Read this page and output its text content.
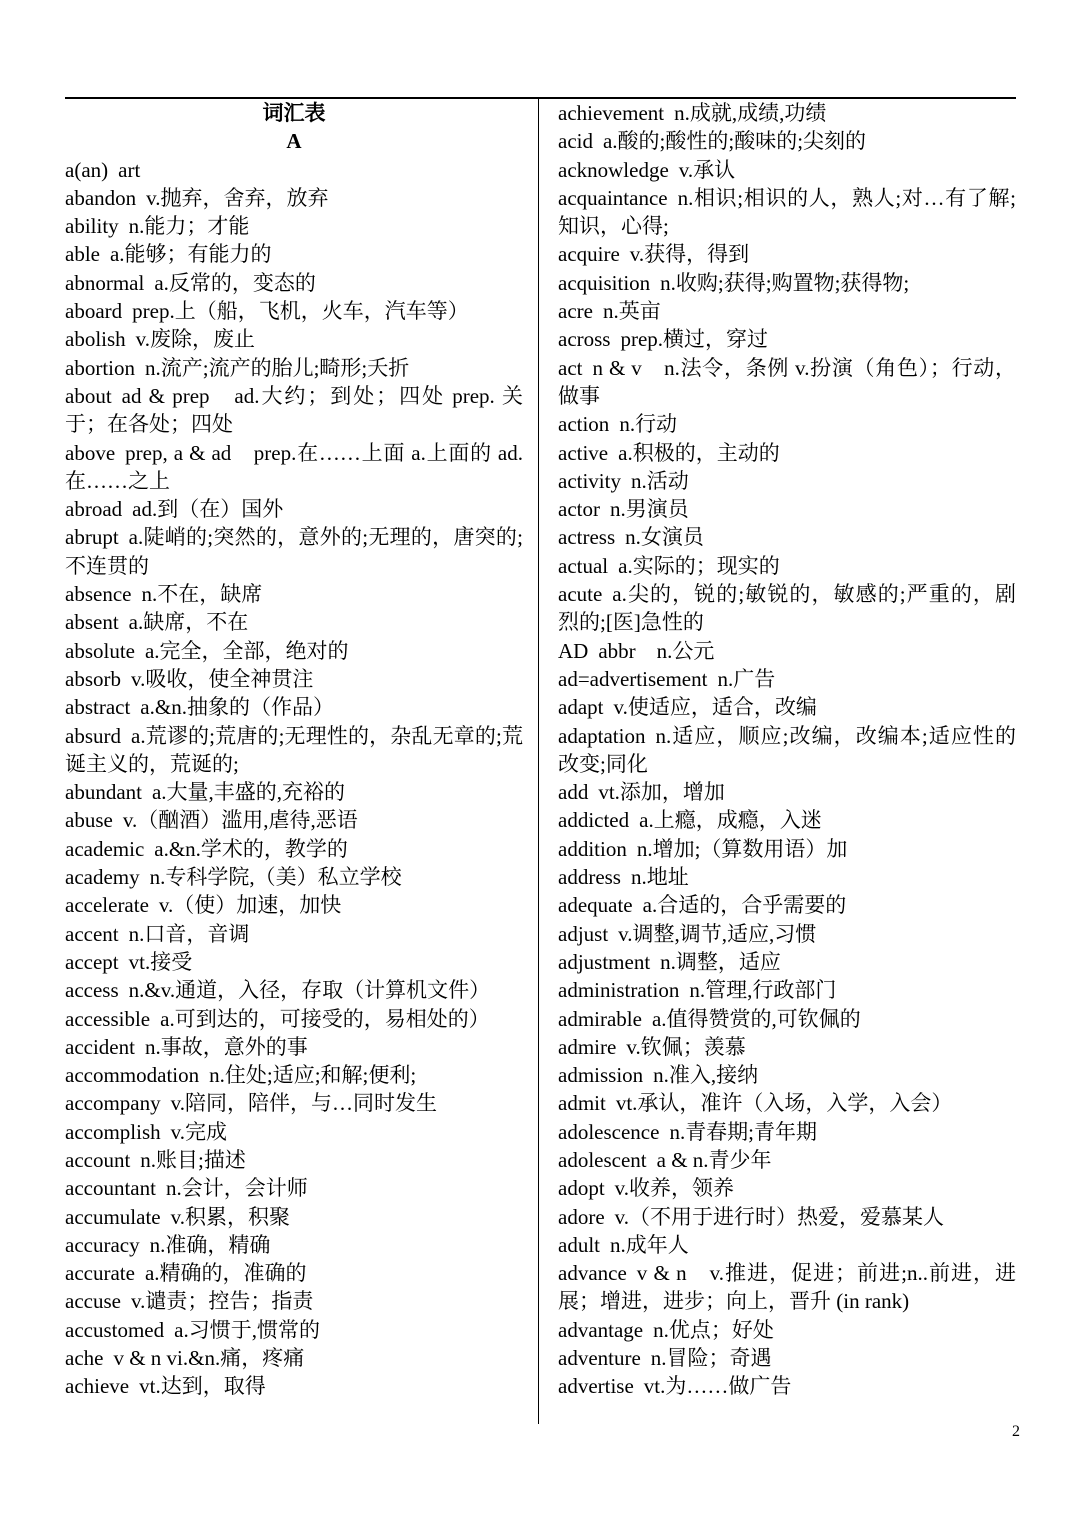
词汇表
A
a(an) art
abandon v.抛弃，舍弃，放弃
ability n.能力；才能
able a.能够；有能力的
abnormal a.反常的，变态的
aboard prep.上（船，飞机，火车，汽车等）
abolish v.废除，废止
abortion n.流产;流产的胎儿;畸形;夭折
about ad & prep　ad.大约；到处；四处 prep. 关于；在各处；四处
above prep, a & ad　prep.在……上面 a.上面的 ad. 在……之上
abroad ad.到（在）国外
abrupt a.陡峭的;突然的，意外的;无理的，唐突的;不连贯的
absence n.不在，缺席
absent a.缺席，不在
absolute a.完全，全部，绝对的
absorb v.吸收，使全神贯注
abstract a.&n.抽象的（作品）
absurd a.荒谬的;荒唐的;无理性的，杂乱无章的;荒诞主义的，荒诞的;
abundant a.大量,丰盛的,充裕的
abuse v.（酗酒）滥用,虐待,恶语
academic a.&n.学术的，教学的
academy n.专科学院,（美）私立学校
accelerate v.（使）加速，加快
accent n.口音，音调
accept vt.接受
access n.&v.通道，入径，存取（计算机文件）
accessible a.可到达的，可接受的，易相处的）
accident n.事故，意外的事
accommodation n.住处;适应;和解;便利;
accompany v.陪同，陪伴，与…同时发生
accomplish v.完成
account n.账目;描述
accountant n.会计，会计师
accumulate v.积累，积聚
accuracy n.准确，精确
accurate a.精确的，准确的
accuse v.谴责；控告；指责
accustomed a.习惯于,惯常的
ache v & n vi.&n.痛，疼痛
achieve vt.达到，取得
achievement n.成就,成绩,功绩
acid a.酸的;酸性的;酸味的;尖刻的
acknowledge v.承认
acquaintance n.相识;相识的人，熟人;对…有了解;知识，心得;
acquire v.获得，得到
acquisition n.收购;获得;购置物;获得物;
acre n.英亩
across prep.横过，穿过
act n & v　n.法令，条例 v.扮演（角色）；行动，做事
action n.行动
active a.积极的，主动的
activity n.活动
actor n.男演员
actress n.女演员
actual a.实际的；现实的
acute a.尖的，锐的;敏锐的，敏感的;严重的，剧烈的;[医]急性的
AD abbr　n.公元
ad=advertisement n.广告
adapt v.使适应，适合，改编
adaptation n.适应，顺应;改编，改编本;适应性的改变;同化
add vt.添加，增加
addicted a.上瘾，成瘾，入迷
addition n.增加;（算数用语）加
address n.地址
adequate a.合适的，合乎需要的
adjust v.调整,调节,适应,习惯
adjustment n.调整，适应
administration n.管理,行政部门
admirable a.值得赞赏的,可钦佩的
admire v.钦佩；羡慕
admission n.准入,接纳
admit vt.承认，准许（入场，入学，入会）
adolescence n.青春期;青年期
adolescent a & n.青少年
adopt v.收养，领养
adore v.（不用于进行时）热爱，爱慕某人
adult n.成年人
advance v & n　v.推进，促进；前进;n..前进，进展；增进，进步；向上，晋升 (in rank)
advantage n.优点；好处
adventure n.冒险；奇遇
advertise vt.为……做广告
2
